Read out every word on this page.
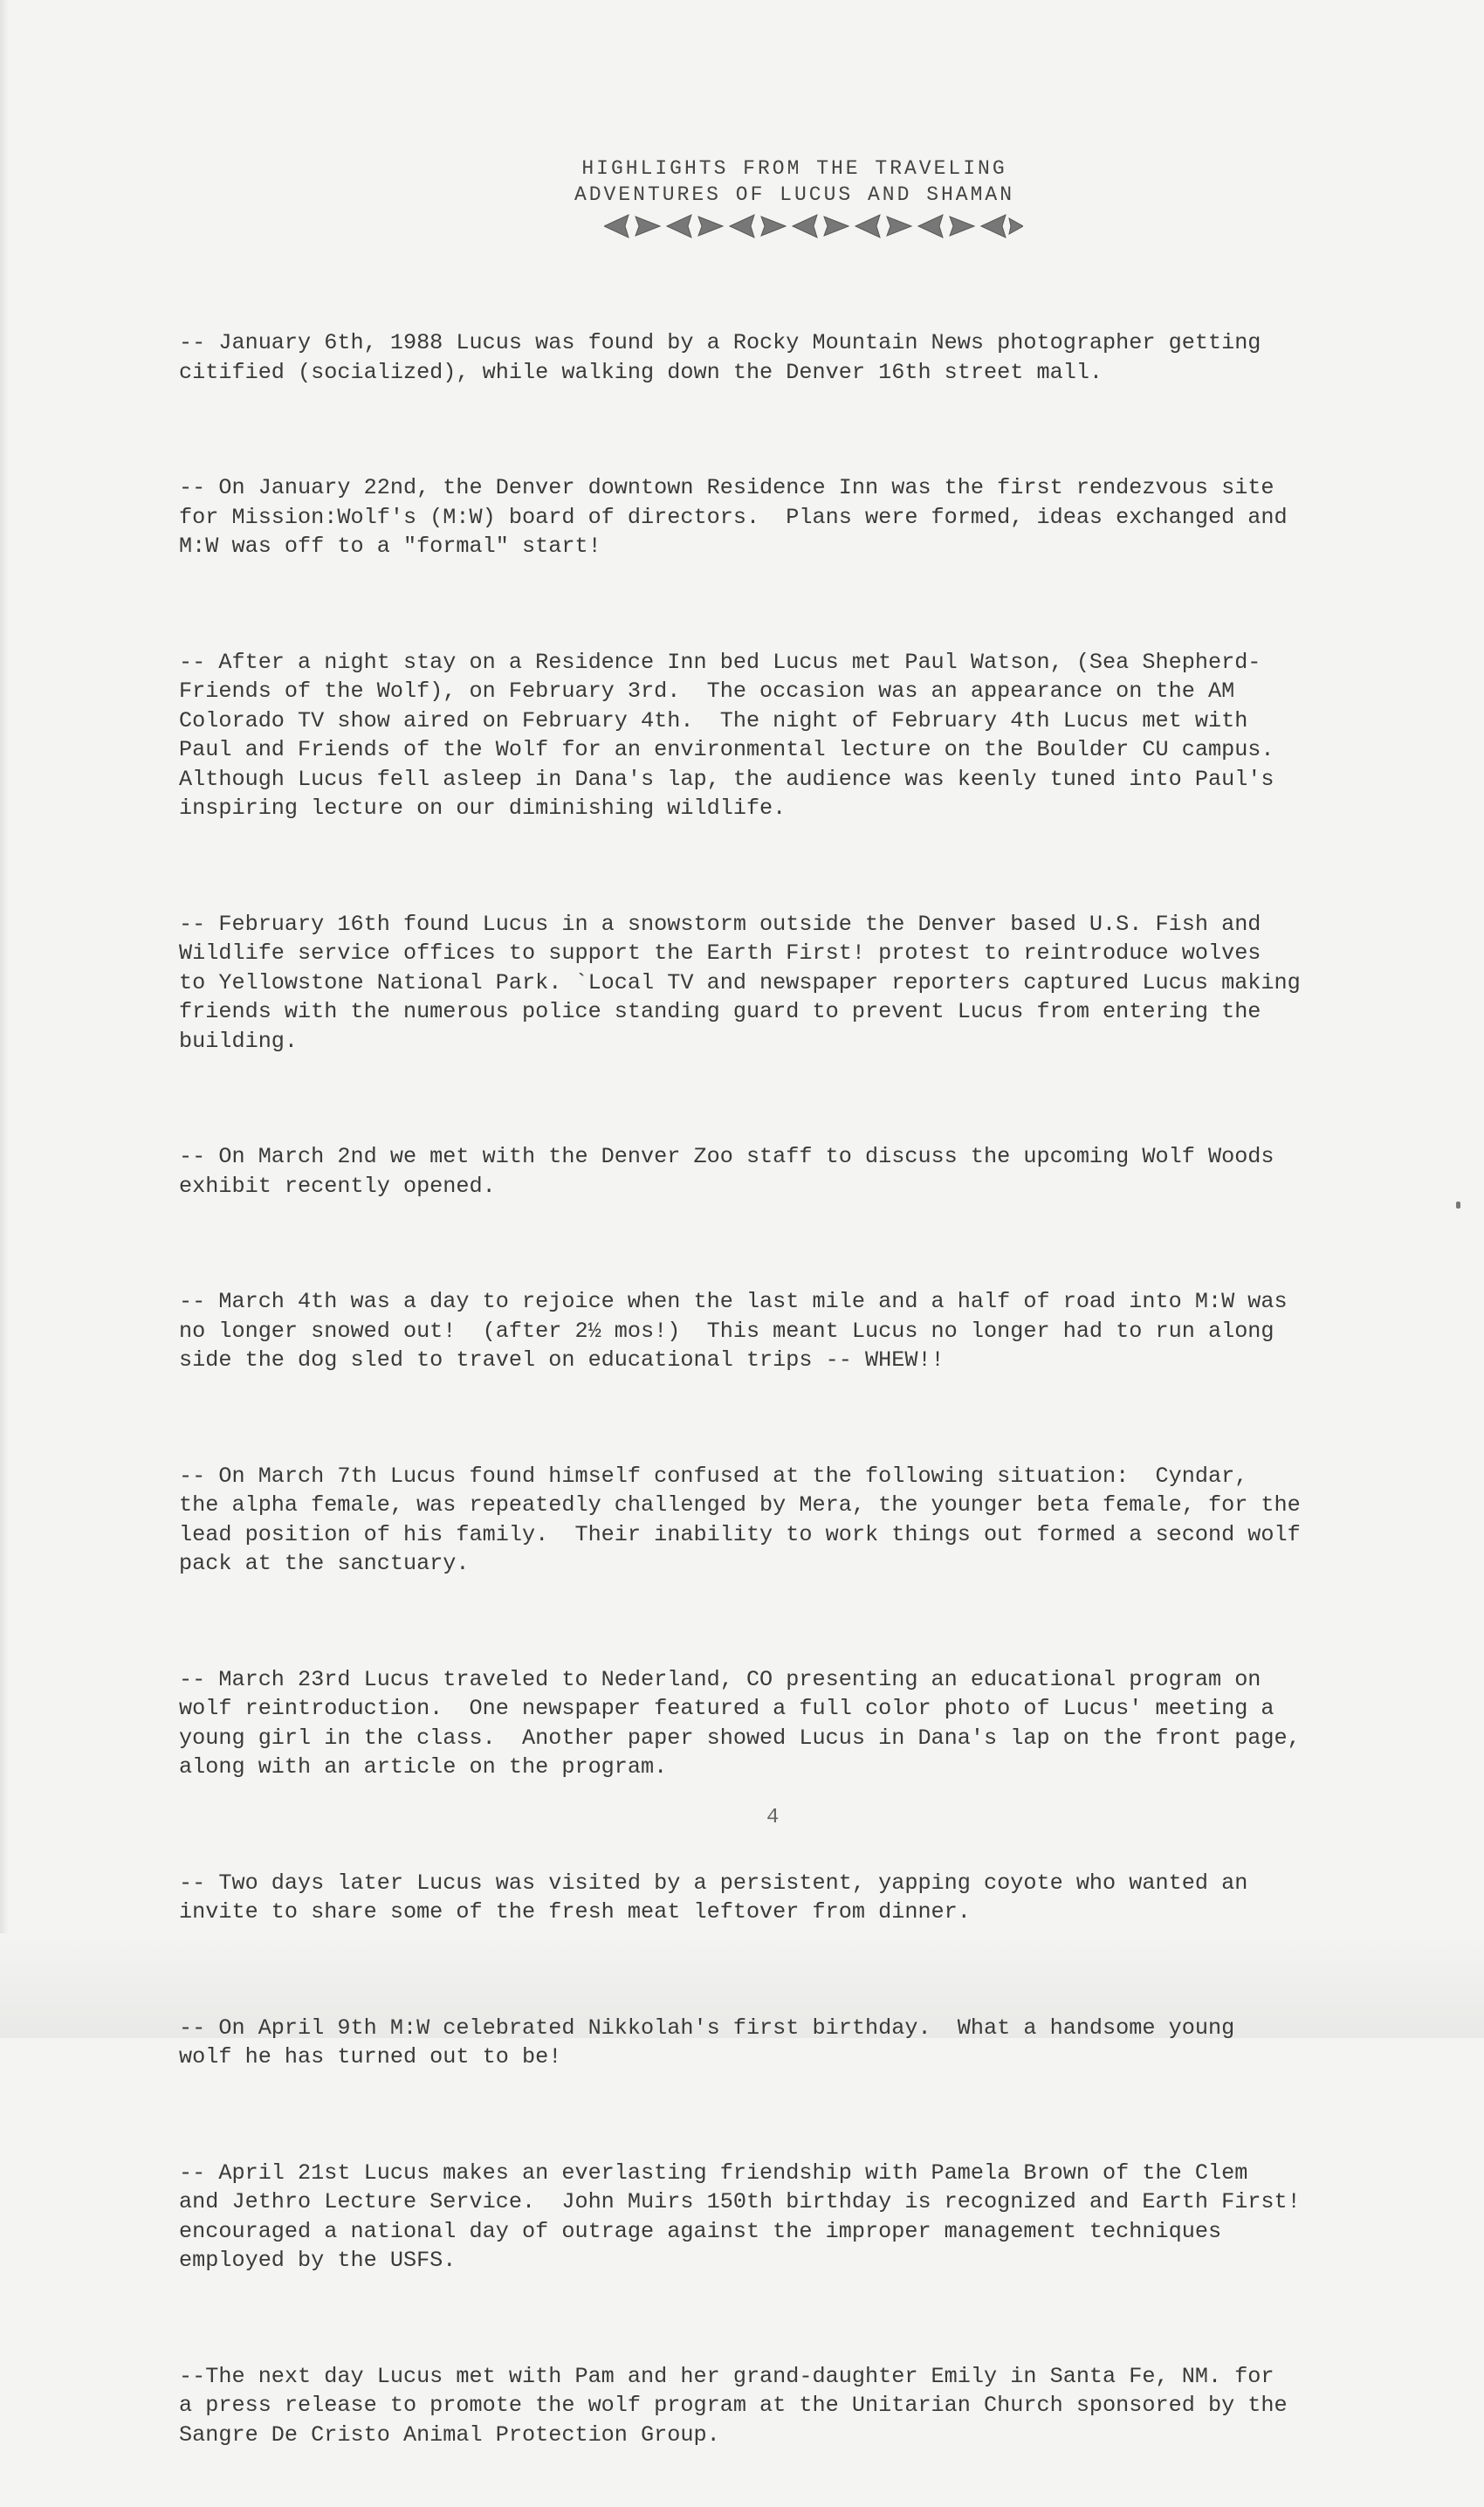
HIGHLIGHTS FROM THE TRAVELING
ADVENTURES OF LUCUS AND SHAMAN

-- January 6th, 1988 Lucus was found by a Rocky Mountain News photographer getting
citified (socialized), while walking down the Denver 16th street mall.

-- On January 22nd, the Denver downtown Residence Inn was the first rendezvous site
for Mission:Wolf's (M:W) board of directors.  Plans were formed, ideas exchanged and
M:W was off to a "formal" start!

-- After a night stay on a Residence Inn bed Lucus met Paul Watson, (Sea Shepherd-
Friends of the Wolf), on February 3rd.  The occasion was an appearance on the AM
Colorado TV show aired on February 4th.  The night of February 4th Lucus met with
Paul and Friends of the Wolf for an environmental lecture on the Boulder CU campus.
Although Lucus fell asleep in Dana's lap, the audience was keenly tuned into Paul's
inspiring lecture on our diminishing wildlife.

-- February 16th found Lucus in a snowstorm outside the Denver based U.S. Fish and
Wildlife service offices to support the Earth First! protest to reintroduce wolves
to Yellowstone National Park. `Local TV and newspaper reporters captured Lucus making
friends with the numerous police standing guard to prevent Lucus from entering the
building.

-- On March 2nd we met with the Denver Zoo staff to discuss the upcoming Wolf Woods
exhibit recently opened.

-- March 4th was a day to rejoice when the last mile and a half of road into M:W was
no longer snowed out!  (after 2½ mos!)  This meant Lucus no longer had to run along
side the dog sled to travel on educational trips -- WHEW!!

-- On March 7th Lucus found himself confused at the following situation:  Cyndar,
the alpha female, was repeatedly challenged by Mera, the younger beta female, for the
lead position of his family.  Their inability to work things out formed a second wolf
pack at the sanctuary.

-- March 23rd Lucus traveled to Nederland, CO presenting an educational program on
wolf reintroduction.  One newspaper featured a full color photo of Lucus' meeting a
young girl in the class.  Another paper showed Lucus in Dana's lap on the front page,
along with an article on the program.

-- Two days later Lucus was visited by a persistent, yapping coyote who wanted an
invite to share some of the fresh meat leftover from dinner.

-- On April 9th M:W celebrated Nikkolah's first birthday.  What a handsome young
wolf he has turned out to be!

-- April 21st Lucus makes an everlasting friendship with Pamela Brown of the Clem
and Jethro Lecture Service.  John Muirs 150th birthday is recognized and Earth First!
encouraged a national day of outrage against the improper management techniques
employed by the USFS.

--The next day Lucus met with Pam and her grand-daughter Emily in Santa Fe, NM. for
a press release to promote the wolf program at the Unitarian Church sponsored by the
Sangre De Cristo Animal Protection Group.

4
